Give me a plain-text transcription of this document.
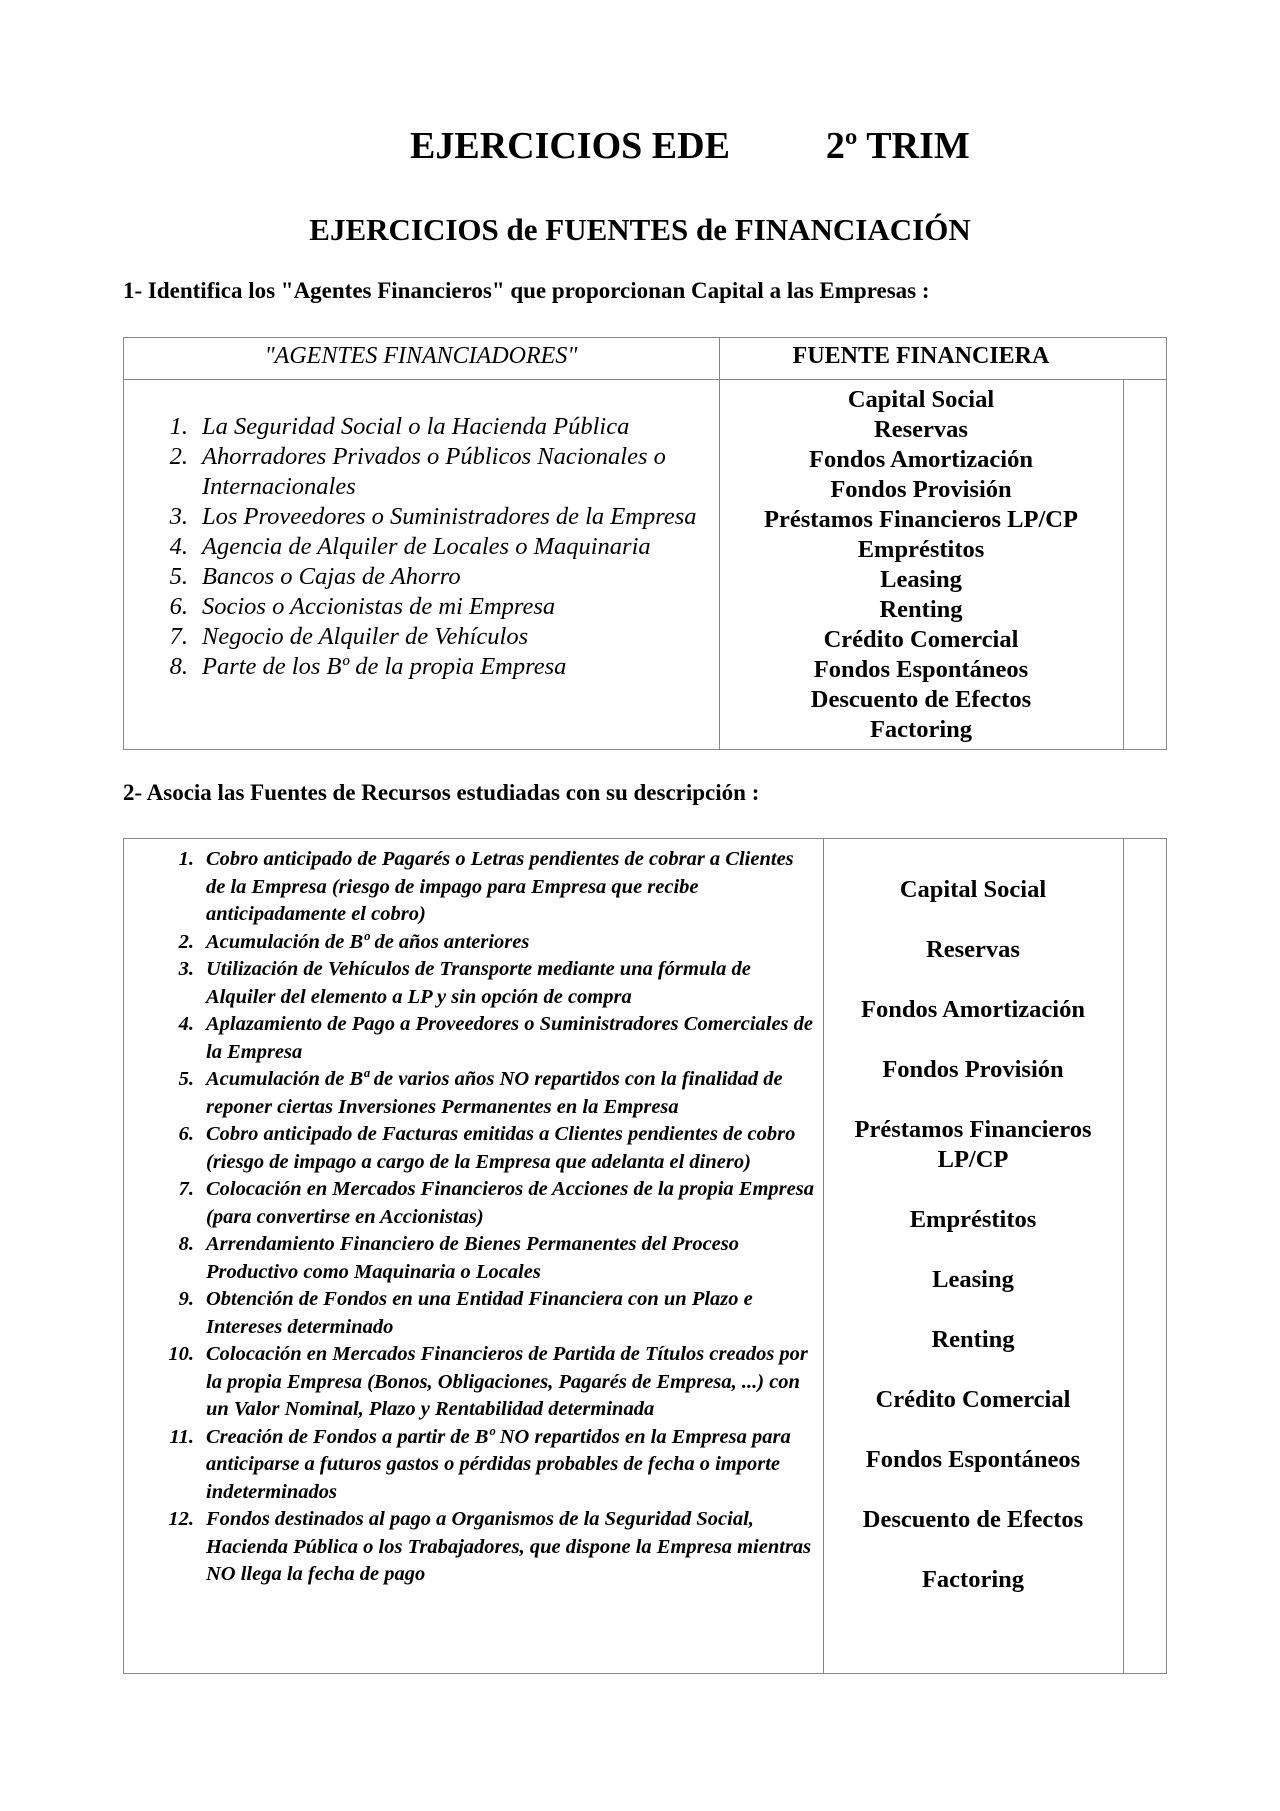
EJERCICIOS EDE	2º TRIM
EJERCICIOS de FUENTES de FINANCIACIÓN
1- Identifica los "Agentes Financieros" que proporcionan Capital a las Empresas :
"AGENTES FINANCIADORES"	FUENTE FINANCIERA
1. La Seguridad Social o la Hacienda Pública
2. Ahorradores Privados o Públicos Nacionales o Internacionales
3. Los Proveedores o Suministradores de la Empresa
4. Agencia de Alquiler de Locales o Maquinaria
5. Bancos o Cajas de Ahorro
6. Socios o Accionistas de mi Empresa
7. Negocio de Alquiler de Vehículos
8. Parte de los Bº de la propia Empresa
Capital Social
Reservas
Fondos Amortización
Fondos Provisión
Préstamos Financieros LP/CP
Empréstitos
Leasing
Renting
Crédito Comercial
Fondos Espontáneos
Descuento de Efectos
Factoring
2- Asocia las Fuentes de Recursos estudiadas con su descripción :
1. Cobro anticipado de Pagarés o Letras pendientes de cobrar a Clientes de la Empresa (riesgo de impago para Empresa que recibe anticipadamente el cobro)
2. Acumulación de Bº de años anteriores
3. Utilización de Vehículos de Transporte mediante una fórmula de Alquiler del elemento a LP y sin opción de compra
4. Aplazamiento de Pago a Proveedores o Suministradores Comerciales de la Empresa
5. Acumulación de Bª de varios años NO repartidos con la finalidad de reponer ciertas Inversiones Permanentes en la Empresa
6. Cobro anticipado de Facturas emitidas a Clientes pendientes de cobro (riesgo de impago a cargo de la Empresa que adelanta el dinero)
7. Colocación en Mercados Financieros de Acciones de la propia Empresa (para convertirse en Accionistas)
8. Arrendamiento Financiero de Bienes Permanentes del Proceso Productivo como Maquinaria o Locales
9. Obtención de Fondos en una Entidad Financiera con un Plazo e Intereses determinado
10. Colocación en Mercados Financieros de Partida de Títulos creados por la propia Empresa (Bonos, Obligaciones, Pagarés de Empresa, ...) con un Valor Nominal, Plazo y Rentabilidad determinada
11. Creación de Fondos a partir de Bº NO repartidos en la Empresa para anticiparse a futuros gastos o pérdidas probables de fecha o importe indeterminados
12. Fondos destinados al pago a Organismos de la Seguridad Social, Hacienda Pública o los Trabajadores, que dispone la Empresa mientras NO llega la fecha de pago
Capital Social
Reservas
Fondos Amortización
Fondos Provisión
Préstamos Financieros LP/CP
Empréstitos
Leasing
Renting
Crédito Comercial
Fondos Espontáneos
Descuento de Efectos
Factoring
